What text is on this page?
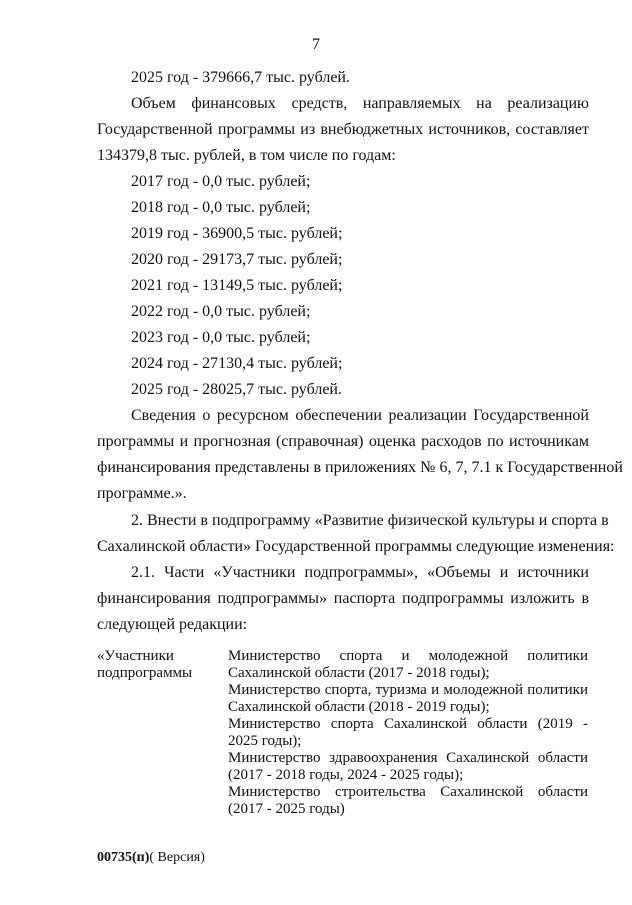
7
2025 год - 379666,7 тыс. рублей.
Объем финансовых средств, направляемых на реализацию
Государственной программы из внебюджетных источников, составляет
134379,8 тыс. рублей, в том числе по годам:
2017 год - 0,0 тыс. рублей;
2018 год - 0,0 тыс. рублей;
2019 год - 36900,5 тыс. рублей;
2020 год - 29173,7 тыс. рублей;
2021 год - 13149,5 тыс. рублей;
2022 год - 0,0 тыс. рублей;
2023 год - 0,0 тыс. рублей;
2024 год - 27130,4 тыс. рублей;
2025 год - 28025,7 тыс. рублей.
Сведения о ресурсном обеспечении реализации Государственной
программы и прогнозная (справочная) оценка расходов по источникам
финансирования представлены в приложениях № 6, 7, 7.1 к Государственной
программе.».
2. Внести в подпрограмму «Развитие физической культуры и спорта в
Сахалинской области» Государственной программы следующие изменения:
2.1. Части «Участники подпрограммы», «Объемы и источники
финансирования подпрограммы» паспорта подпрограммы изложить в
следующей редакции:
«Участники
подпрограммы
Министерство спорта и молодежной политики Сахалинской области (2017 - 2018 годы);
Министерство спорта, туризма и молодежной политики Сахалинской области (2018 - 2019 годы);
Министерство спорта Сахалинской области (2019 - 2025 годы);
Министерство здравоохранения Сахалинской области (2017 - 2018 годы, 2024 - 2025 годы);
Министерство строительства Сахалинской области (2017 - 2025 годы)
00735(п)( Версия)
